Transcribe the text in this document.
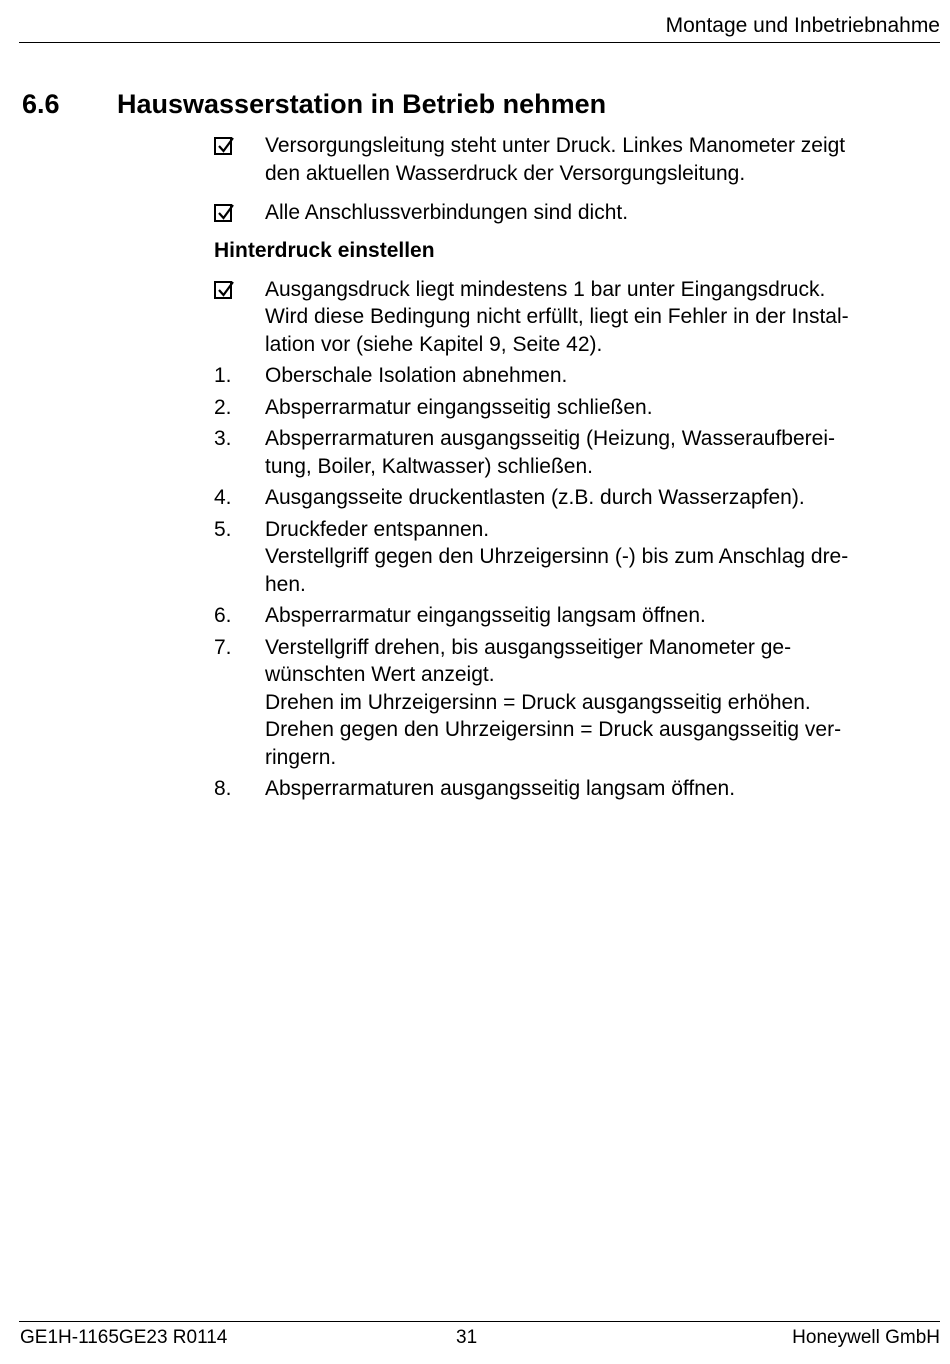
Montage und Inbetriebnahme
6.6 Hauswasserstation in Betrieb nehmen
Versorgungsleitung steht unter Druck. Linkes Manometer zeigt
den aktuellen Wasserdruck der Versorgungsleitung.
Alle Anschlussverbindungen sind dicht.
Hinterdruck einstellen
Ausgangsdruck liegt mindestens 1 bar unter Eingangsdruck.
Wird diese Bedingung nicht erfüllt, liegt ein Fehler in der Instal-
lation vor (siehe Kapitel 9, Seite 42).
1.	Oberschale Isolation abnehmen.
2.	Absperrarmatur eingangsseitig schließen.
3.	Absperrarmaturen ausgangsseitig (Heizung, Wasseraufberei-
tung, Boiler, Kaltwasser) schließen.
4.	Ausgangsseite druckentlasten (z.B. durch Wasserzapfen).
5.	Druckfeder entspannen.
Verstellgriff gegen den Uhrzeigersinn (-) bis zum Anschlag dre-
hen.
6.	Absperrarmatur eingangsseitig langsam öffnen.
7.	Verstellgriff drehen, bis ausgangsseitiger Manometer ge-
wünschten Wert anzeigt.
Drehen im Uhrzeigersinn = Druck ausgangsseitig erhöhen.
Drehen gegen den Uhrzeigersinn = Druck ausgangsseitig ver-
ringern.
8.	Absperrarmaturen ausgangsseitig langsam öffnen.
GE1H-1165GE23 R0114	31	Honeywell GmbH
